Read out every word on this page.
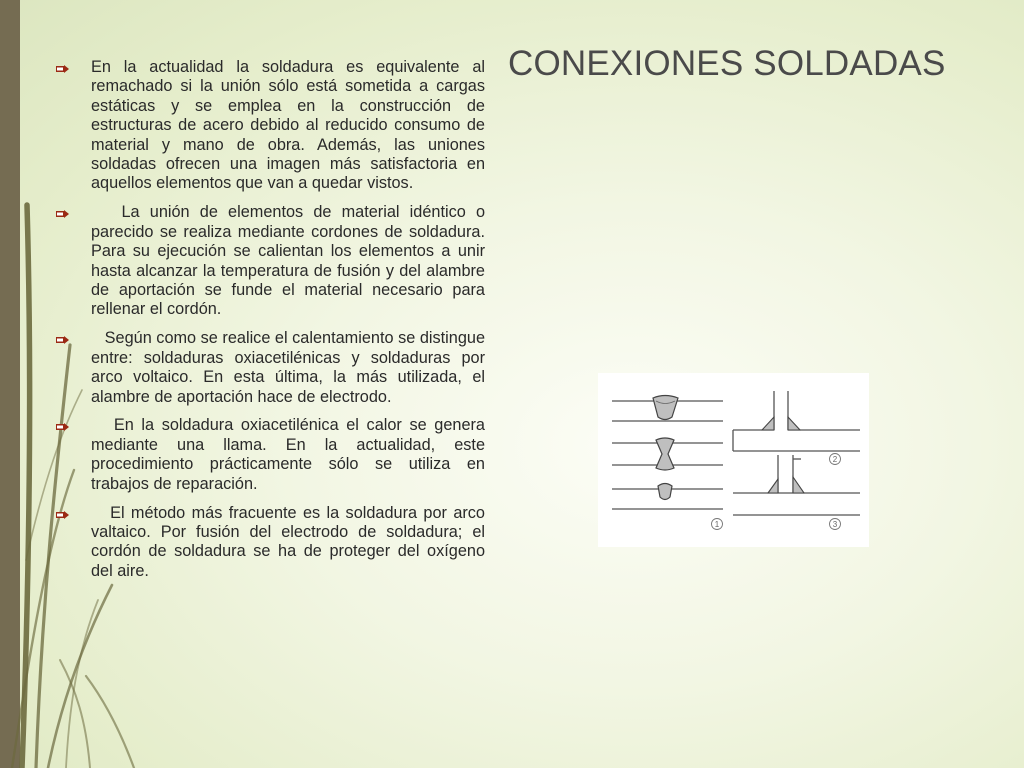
CONEXIONES SOLDADAS
En la actualidad la soldadura es equivalente al remachado si la unión sólo está sometida a cargas estáticas y se emplea en la construcción de estructuras de acero debido al reducido consumo de material y mano de obra. Además, las uniones soldadas ofrecen una imagen más satisfactoria en aquellos elementos que van a quedar vistos.
La unión de elementos de material idéntico o parecido se realiza mediante cordones de soldadura. Para su ejecución se calientan los elementos a unir hasta alcanzar la temperatura de fusión y del alambre de aportación se funde el material necesario para rellenar el cordón.
Según como se realice el calentamiento se distingue entre: soldaduras oxiacetilénicas y soldaduras por arco voltaico. En esta última, la más utilizada, el alambre de aportación hace de electrodo.
En la soldadura oxiacetilénica el calor se genera mediante una llama. En la actualidad, este procedimiento prácticamente sólo se utiliza en trabajos de reparación.
El método más fracuente es la soldadura por arco valtaico. Por fusión del electrodo de soldadura; el cordón de soldadura se ha de proteger del oxígeno del aire.
1
2
3
